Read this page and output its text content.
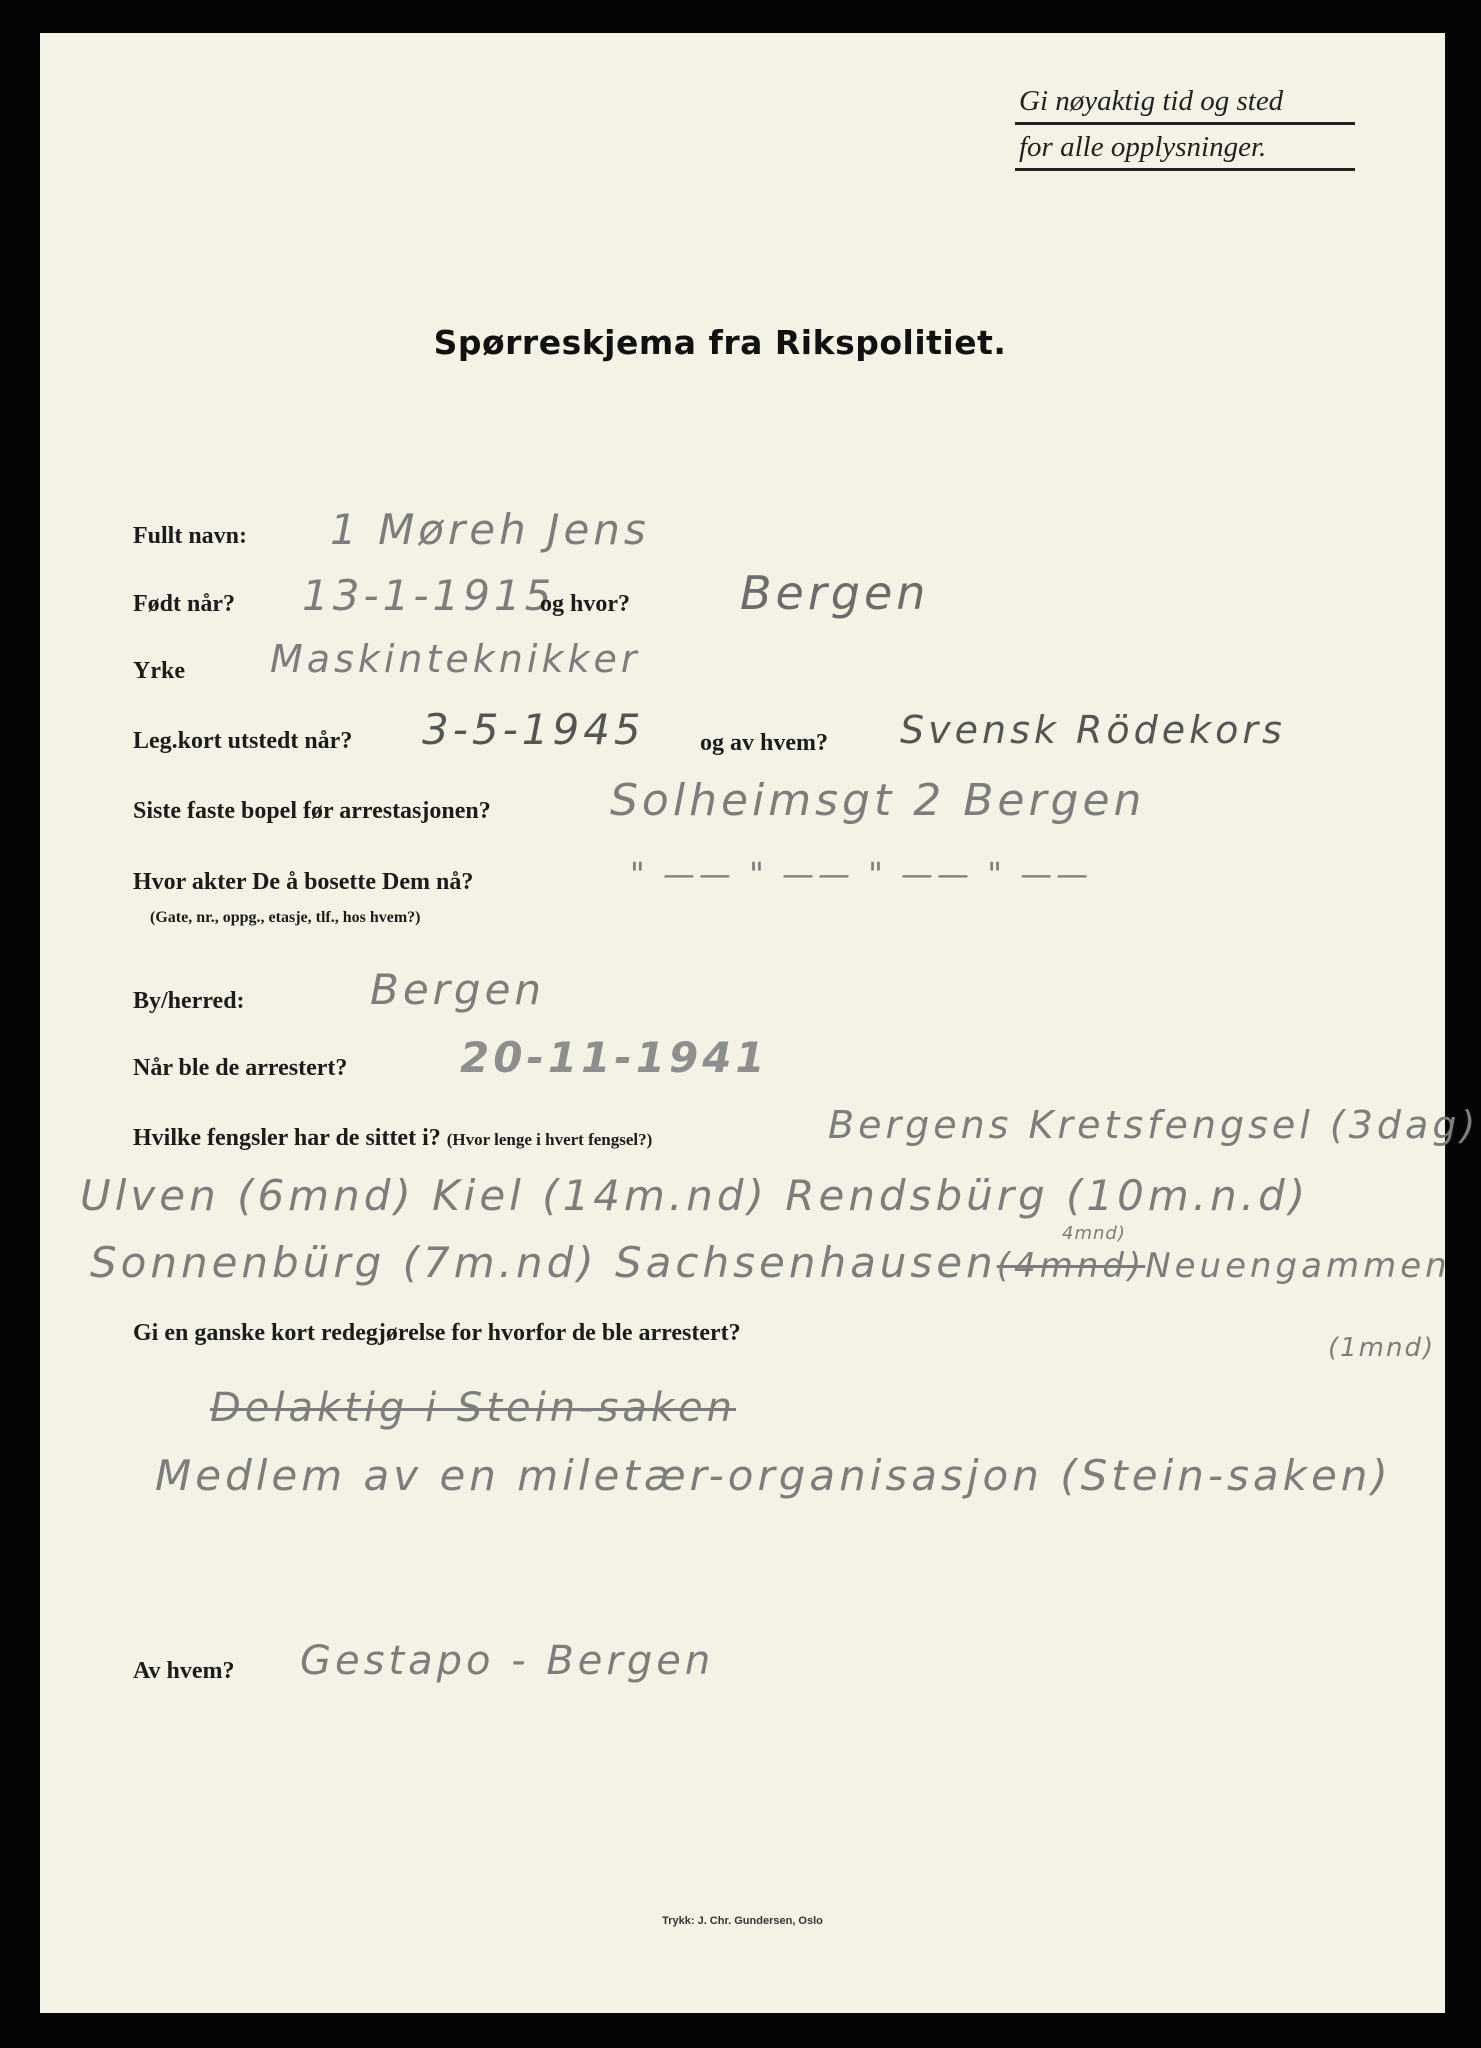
Gi nøyaktig tid og sted
for alle opplysninger.
Spørreskjema fra Rikspolitiet.
Fullt navn: 1 Møreh Jens
Født når? 13-1-1915
og hvor? Bergen
Yrke Maskinteknikker
Leg.kort utstedt når? 3-5-1945 og av hvem? Svensk Rödekors
Siste faste bopel før arrestasjonen?	Solheimsgt 2 Bergen
Hvor akter De å bosette Dem nå?
(Gate, nr., oppg., etasje, tlf., hos hvem?)
" —— " —— " —— " ——
By/herred:	Bergen
Når ble de arrestert?	20-11-1941
Hvilke fengsler har de sittet i? (Hvor lenge i hvert fengsel?)	Bergens Kretsfengsel (3dag)
Ulven (6mnd) Kiel (14m.nd) Rendsbürg (10m.n.d)
Sonnenbürg (7m.nd) Sachsenhausen(4mnd)Neuengammen
4mnd)
(1mnd)
Gi en ganske kort redegjørelse for hvorfor de ble arrestert?
Delaktig i Stein-saken
Medlem av en miletær-organisasjon (Stein-saken)
Av hvem? Gestapo - Bergen
Trykk: J. Chr. Gundersen, Oslo
